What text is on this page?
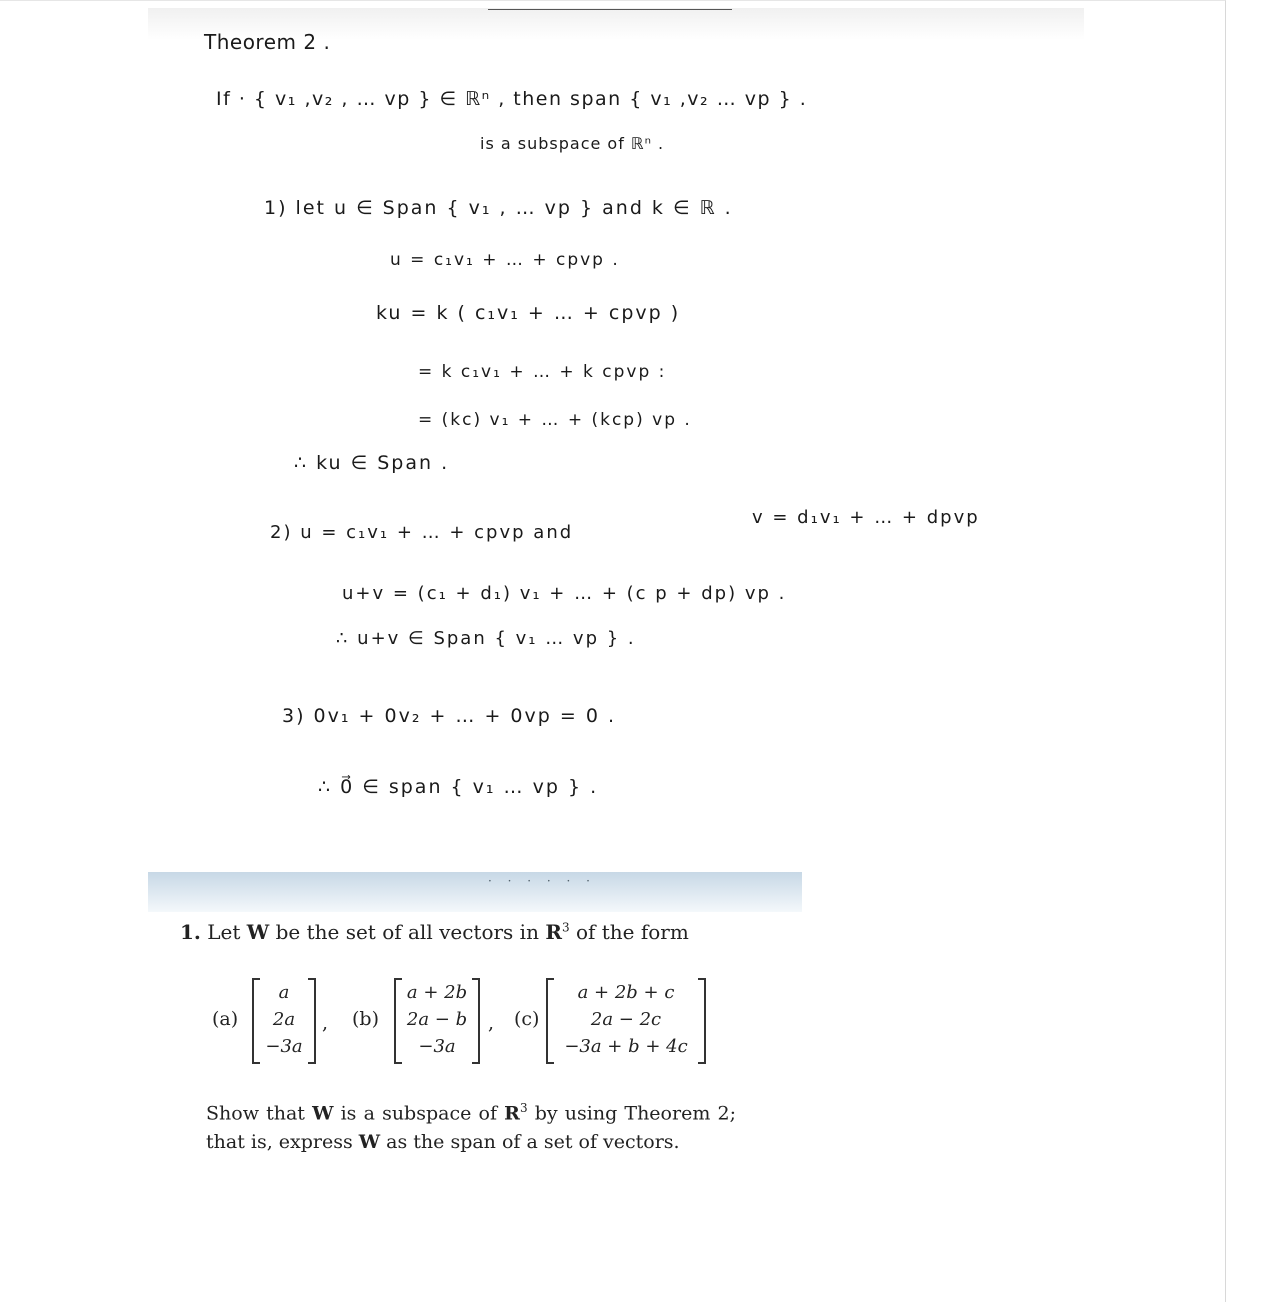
Theorem 2 .
If · { v₁ ,v₂ , … vp } ∈ ℝⁿ , then span { v₁ ,v₂ … vp } .
is a subspace of ℝⁿ .
1) let u ∈ Span { v₁ , … vp } and k ∈ ℝ .
u = c₁v₁ + … + cpvp .
ku = k ( c₁v₁ + … + cpvp )
= k c₁v₁ + … + k cpvp :
= (kc) v₁ + … + (kcp) vp .
∴ ku ∈ Span .
2) u = c₁v₁ + … + cpvp and
v = d₁v₁ + … + dpvp
u+v = (c₁ + d₁) v₁ + … + (c p + dp) vp .
∴ u+v ∈ Span { v₁ … vp } .
3) 0v₁ + 0v₂ + … + 0vp = 0 .
∴ 0⃗ ∈ span { v₁ … vp } .
· · · · · ·
1. Let W be the set of all vectors in $R^3$ of the form
(a)
a
2a
−3a
, (b)
a + 2b
2a − b
−3a
, (c)
a + 2b + c
2a − 2c
−3a + b + 4c
Show that W is a subspace of $R^3$ by using Theorem 2; that is, express W as the span of a set of vectors.
